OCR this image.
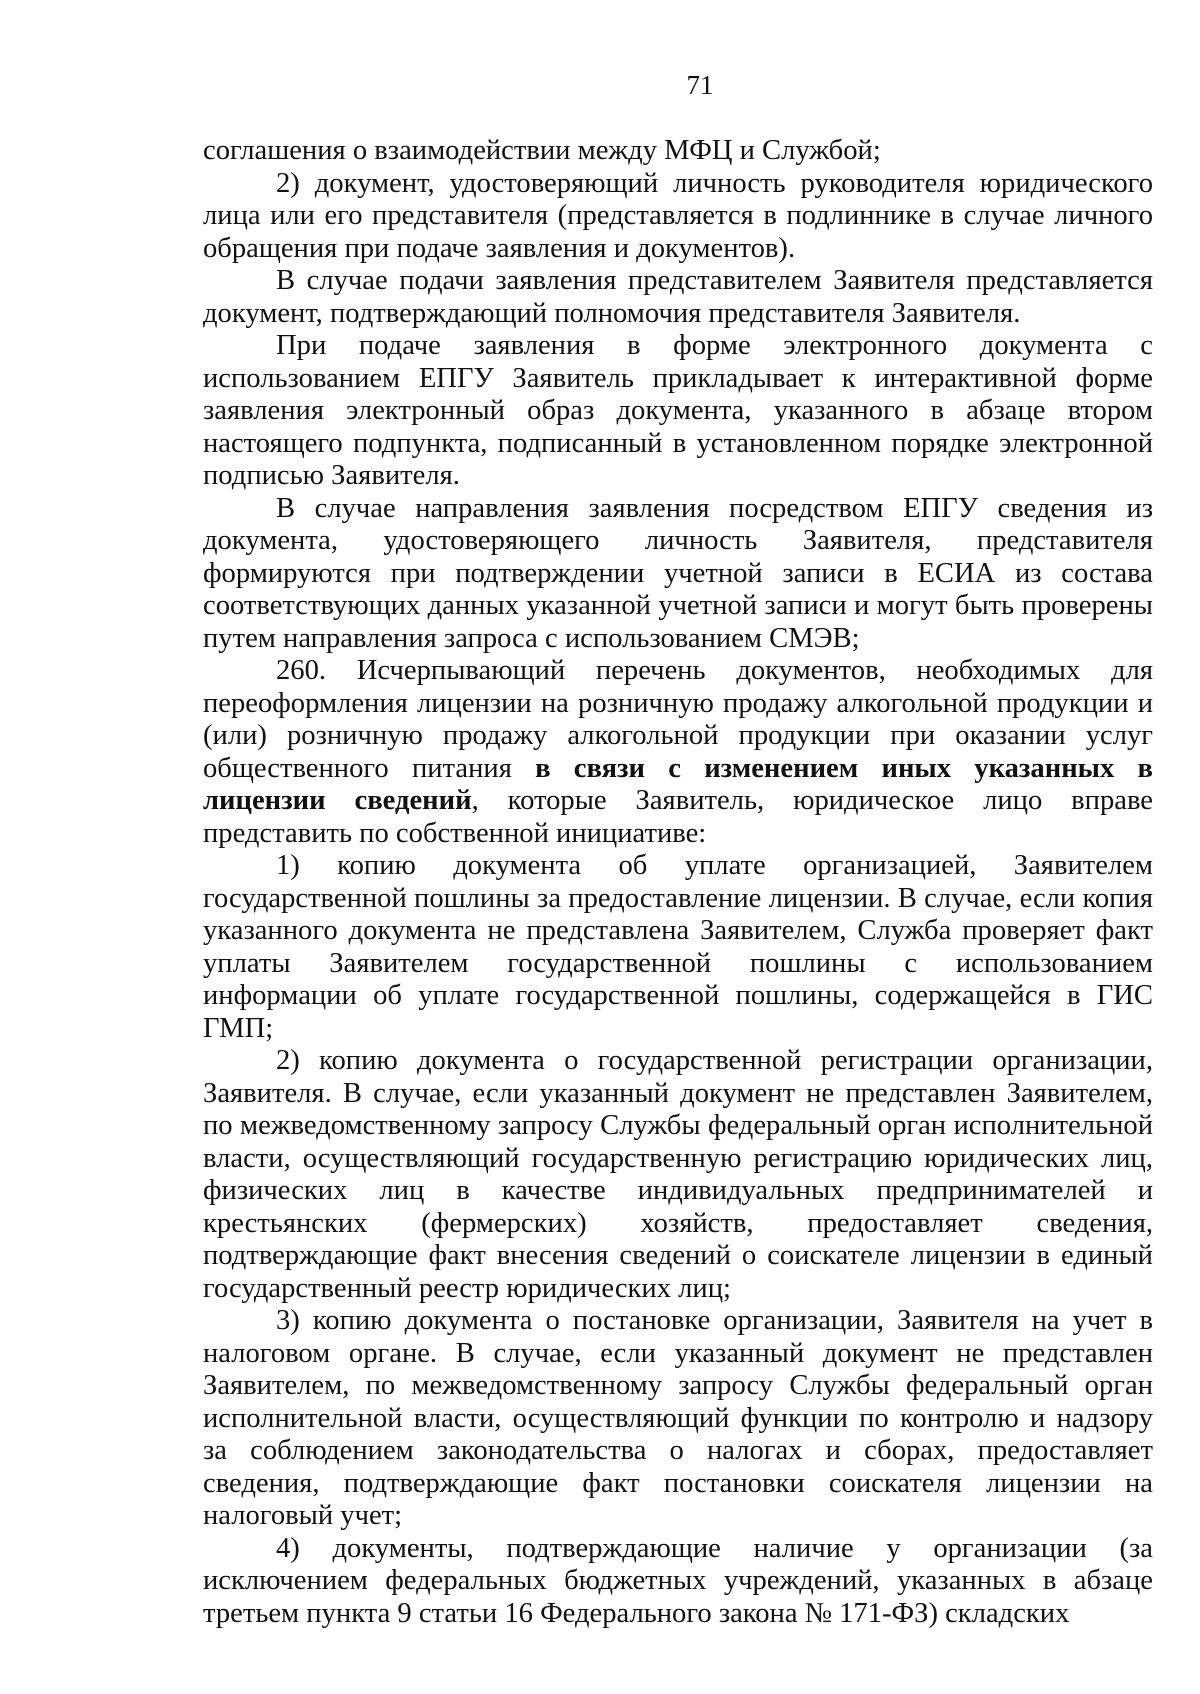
71

соглашения о взаимодействии между МФЦ и Службой;

2) документ, удостоверяющий личность руководителя юридического лица или его представителя (представляется в подлиннике в случае личного обращения при подаче заявления и документов).

В случае подачи заявления представителем Заявителя представляется документ, подтверждающий полномочия представителя Заявителя.

При подаче заявления в форме электронного документа с использованием ЕПГУ Заявитель прикладывает к интерактивной форме заявления электронный образ документа, указанного в абзаце втором настоящего подпункта, подписанный в установленном порядке электронной подписью Заявителя.

В случае направления заявления посредством ЕПГУ сведения из документа, удостоверяющего личность Заявителя, представителя формируются при подтверждении учетной записи в ЕСИА из состава соответствующих данных указанной учетной записи и могут быть проверены путем направления запроса с использованием СМЭВ;

260. Исчерпывающий перечень документов, необходимых для переоформления лицензии на розничную продажу алкогольной продукции и (или) розничную продажу алкогольной продукции при оказании услуг общественного питания в связи с изменением иных указанных в лицензии сведений, которые Заявитель, юридическое лицо вправе представить по собственной инициативе:

1) копию документа об уплате организацией, Заявителем государственной пошлины за предоставление лицензии. В случае, если копия указанного документа не представлена Заявителем, Служба проверяет факт уплаты Заявителем государственной пошлины с использованием информации об уплате государственной пошлины, содержащейся в ГИС ГМП;

2) копию документа о государственной регистрации организации, Заявителя. В случае, если указанный документ не представлен Заявителем, по межведомственному запросу Службы федеральный орган исполнительной власти, осуществляющий государственную регистрацию юридических лиц, физических лиц в качестве индивидуальных предпринимателей и крестьянских (фермерских) хозяйств, предоставляет сведения, подтверждающие факт внесения сведений о соискателе лицензии в единый государственный реестр юридических лиц;

3) копию документа о постановке организации, Заявителя на учет в налоговом органе. В случае, если указанный документ не представлен Заявителем, по межведомственному запросу Службы федеральный орган исполнительной власти, осуществляющий функции по контролю и надзору за соблюдением законодательства о налогах и сборах, предоставляет сведения, подтверждающие факт постановки соискателя лицензии на налоговый учет;

4) документы, подтверждающие наличие у организации (за исключением федеральных бюджетных учреждений, указанных в абзаце третьем пункта 9 статьи 16 Федерального закона № 171-ФЗ) складских
